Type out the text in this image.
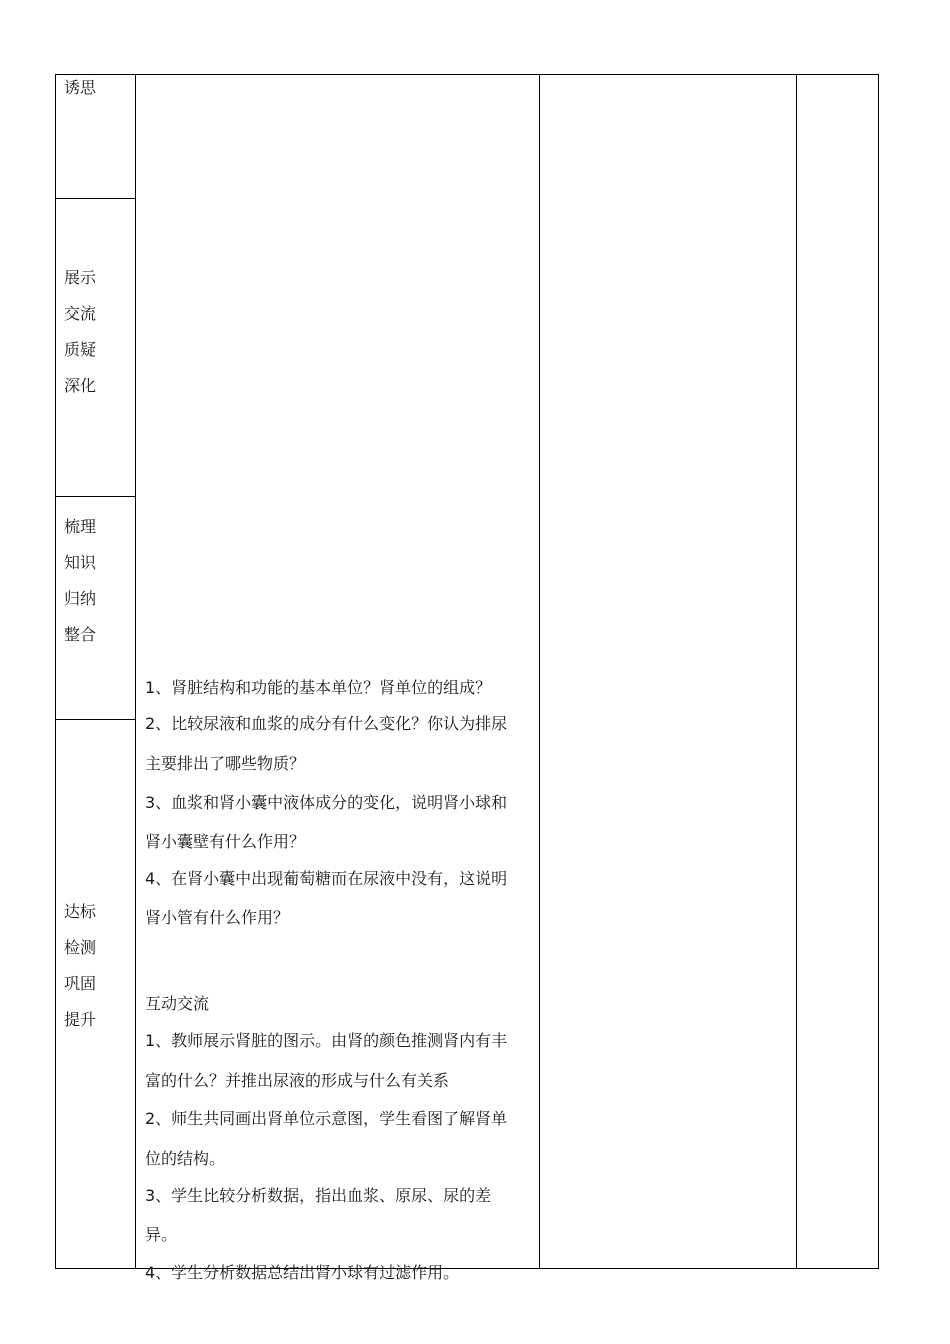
诱思
展示
交流
质疑
深化
梳理
知识
归纳
整合
达标
检测
巩固
提升
1、肾脏结构和功能的基本单位？肾单位的组成？
2、比较尿液和血浆的成分有什么变化？你认为排尿
主要排出了哪些物质？
3、血浆和肾小囊中液体成分的变化，说明肾小球和
肾小囊壁有什么作用？
4、在肾小囊中出现葡萄糖而在尿液中没有，这说明
肾小管有什么作用？
互动交流
1、教师展示肾脏的图示。由肾的颜色推测肾内有丰
富的什么？并推出尿液的形成与什么有关系
2、师生共同画出肾单位示意图，学生看图了解肾单
位的结构。
3、学生比较分析数据，指出血浆、原尿、尿的差
异。
4、学生分析数据总结出肾小球有过滤作用。
